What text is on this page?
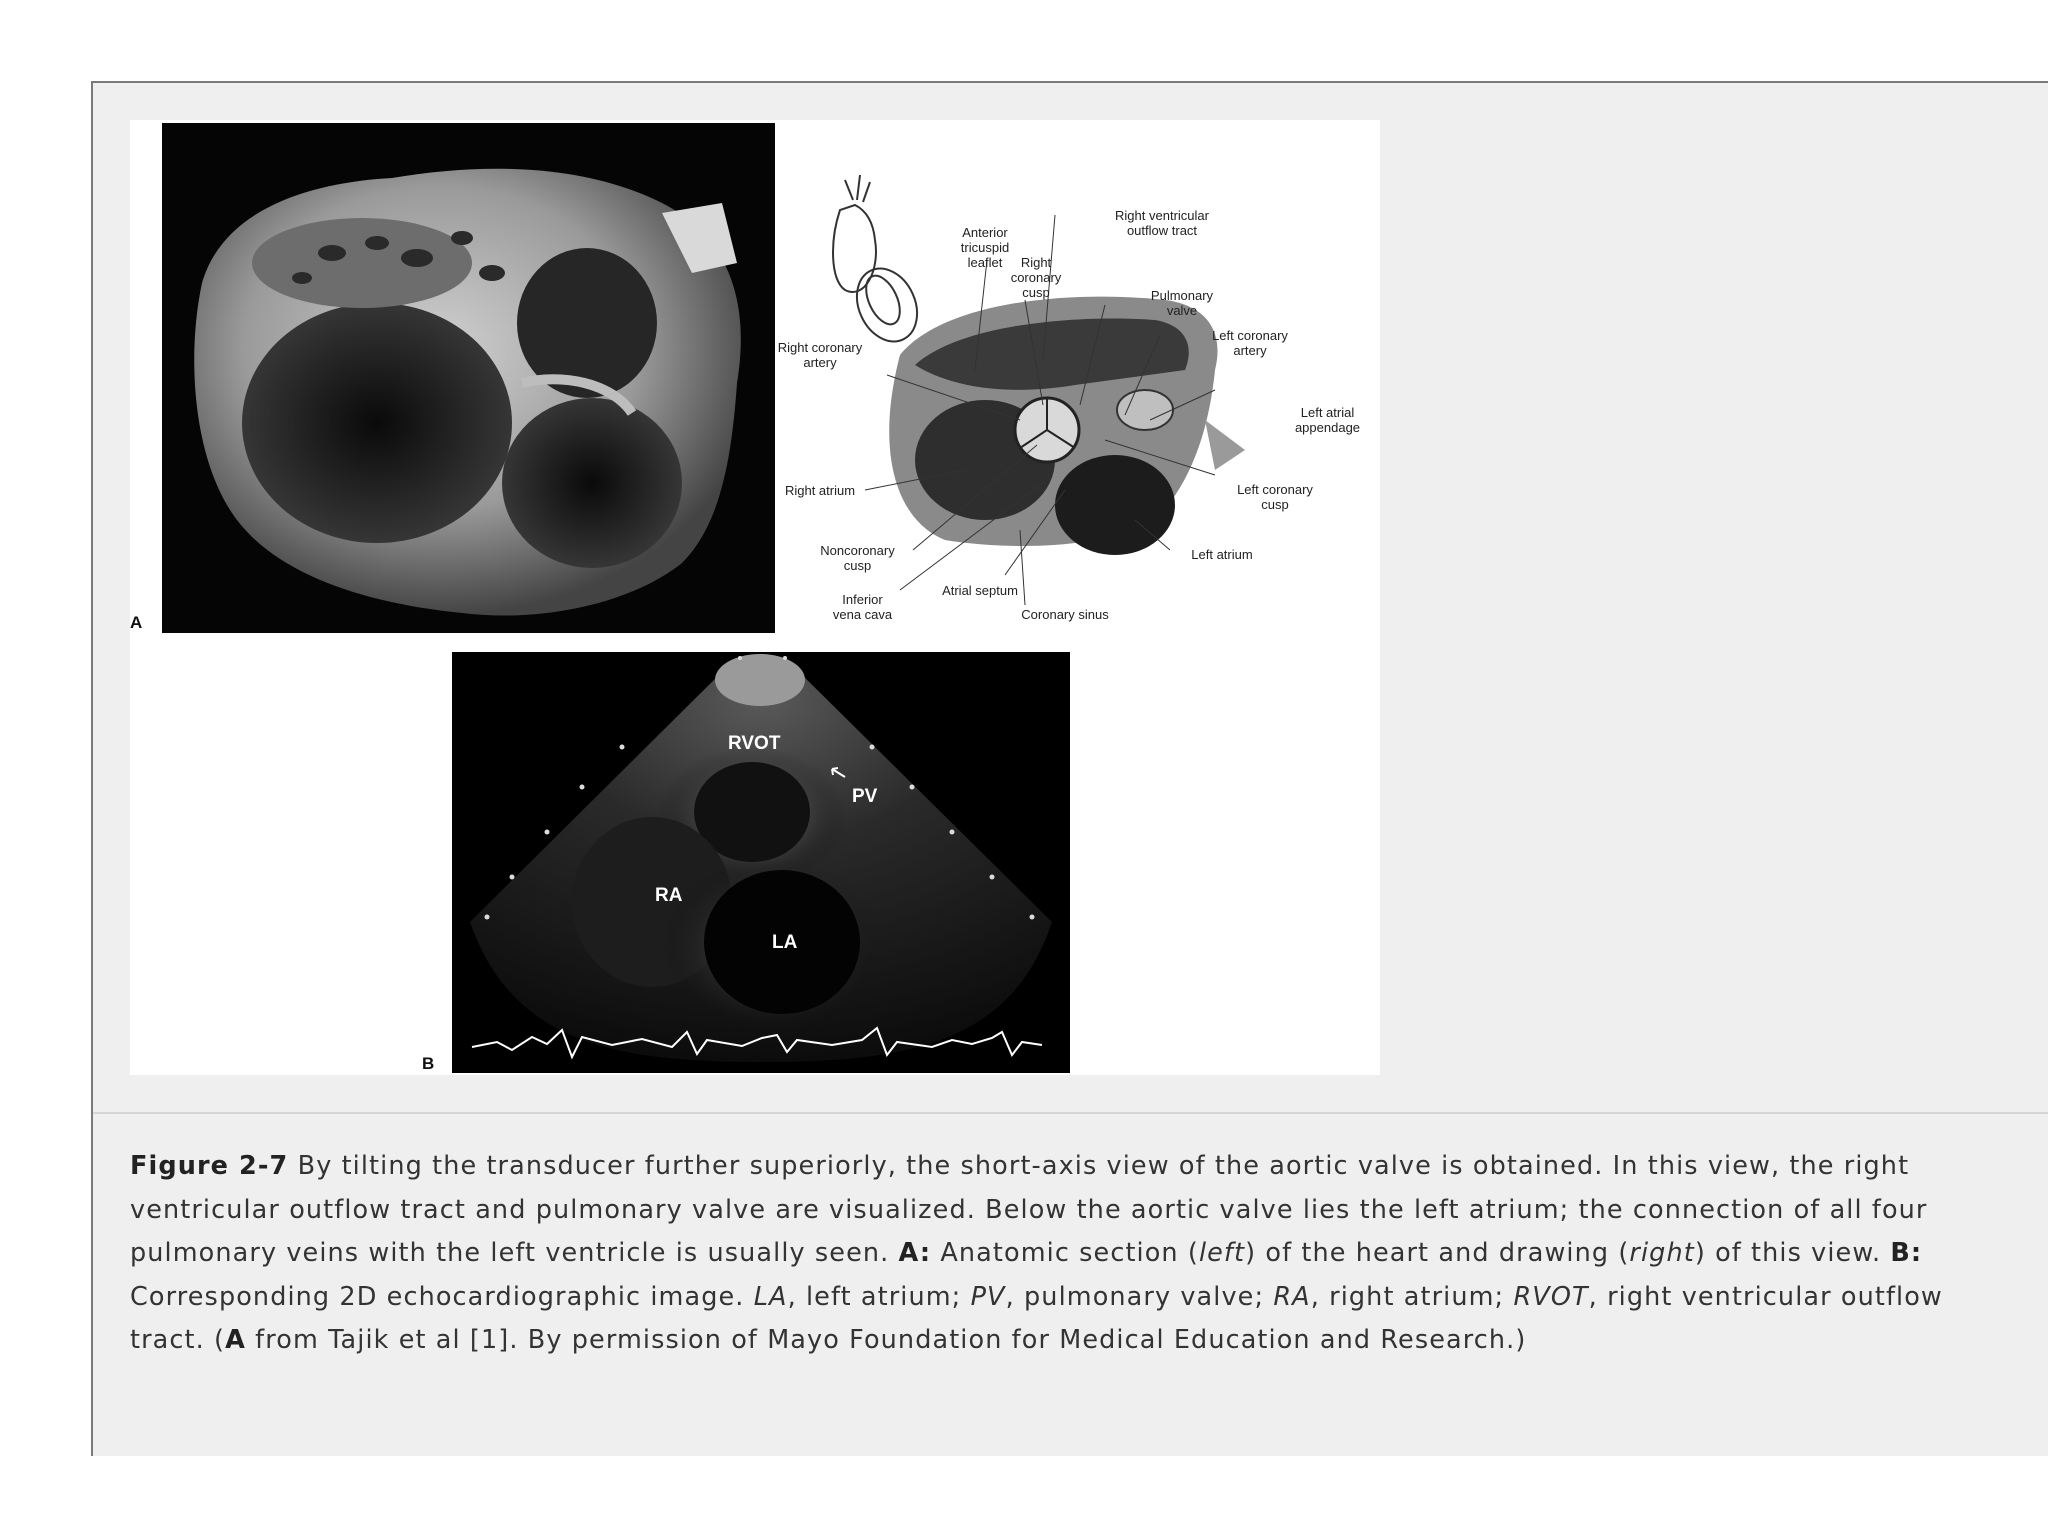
A
Right ventricular
outflow tract
Anterior
tricuspid
leaflet	Right
coronary
cusp	Pulmonary
valve
Left coronary
artery
Right coronary
artery
Left atrial
appendage
Right atrium	Left coronary
cusp
Noncoronary
cusp
Left atrium
Atrial septum
Inferior
vena cava	Coronary sinus
RVOT
PV
RA
LA
B
Figure 2-7 By tilting the transducer further superiorly, the short-axis view of the aortic valve is obtained. In this view, the right ventricular outflow tract and pulmonary valve are visualized. Below the aortic valve lies the left atrium; the connection of all four pulmonary veins with the left ventricle is usually seen. A: Anatomic section (left) of the heart and drawing (right) of this view. B: Corresponding 2D echocardiographic image. LA, left atrium; PV, pulmonary valve; RA, right atrium; RVOT, right ventricular outflow tract. (A from Tajik et al [1]. By permission of Mayo Foundation for Medical Education and Research.)
